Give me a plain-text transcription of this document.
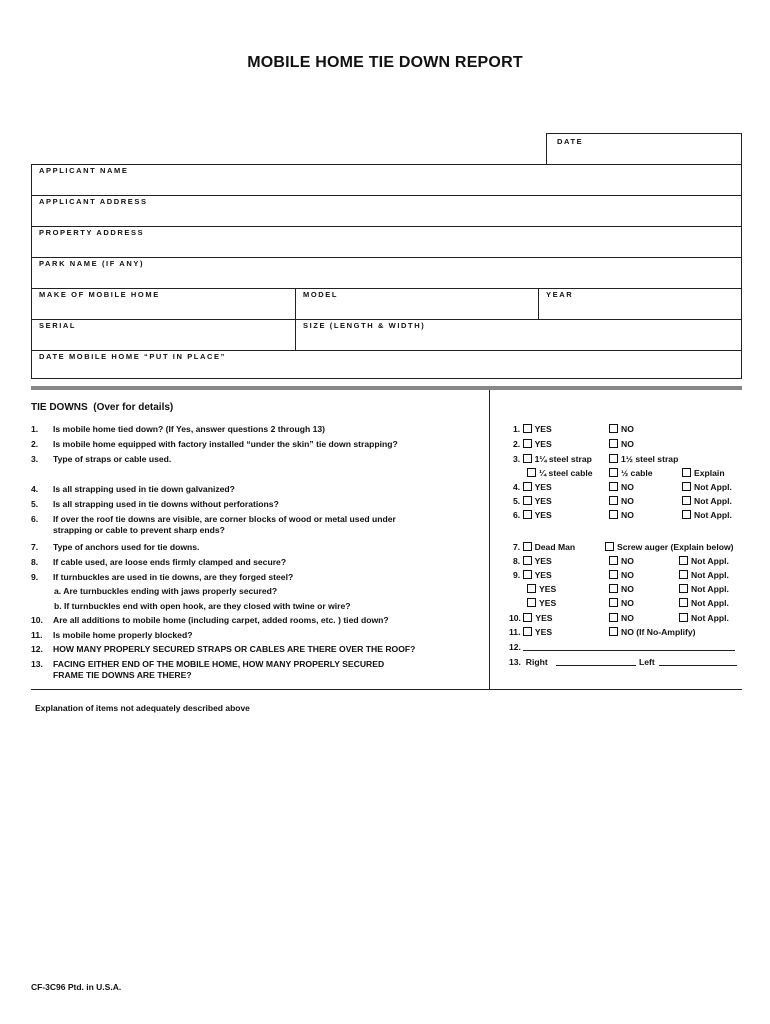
MOBILE HOME TIE DOWN REPORT
DATE
APPLICANT NAME
APPLICANT ADDRESS
PROPERTY ADDRESS
PARK NAME (IF ANY)
MAKE OF MOBILE HOME	MODEL	YEAR
SERIAL	SIZE (LENGTH & WIDTH)
DATE MOBILE HOME “PUT IN PLACE”
TIE DOWNS (Over for details)
1. Is mobile home tied down? (If Yes, answer questions 2 through 13)
2. Is mobile home equipped with factory installed “under the skin” tie down strapping?
3. Type of straps or cable used.
4. Is all strapping used in tie down galvanized?
5. Is all strapping used in tie downs without perforations?
6. If over the roof tie downs are visible, are corner blocks of wood or metal used under
strapping or cable to prevent sharp ends?
7. Type of anchors used for tie downs.
8. If cable used, are loose ends firmly clamped and secure?
9. If turnbuckles are used in tie downs, are they forged steel?
a. Are turnbuckles ending with jaws properly secured?
b. If turnbuckles end with open hook, are they closed with twine or wire?
10. Are all additions to mobile home (including carpet, added rooms, etc. ) tied down?
11. Is mobile home properly blocked?
12. HOW MANY PROPERLY SECURED STRAPS OR CABLES ARE THERE OVER THE ROOF?
13. FACING EITHER END OF THE MOBILE HOME, HOW MANY PROPERLY SECURED
FRAME TIE DOWNS ARE THERE?
1. YES	NO
2. YES	NO
3. 1¼ steel strap	1½ steel strap
¼ steel cable	½ cable	Explain
4. YES	NO	Not Appl.
5. YES	NO	Not Appl.
6. YES	NO	Not Appl.
7. Dead Man	Screw auger (Explain below)
8. YES	NO	Not Appl.
9. YES	NO	Not Appl.
YES	NO	Not Appl.
YES	NO	Not Appl.
10. YES	NO	Not Appl.
11. YES	NO (If No-Amplify)
12.
13. Right	Left
Explanation of items not adequately described above
CF-3C96 Ptd. in U.S.A.
